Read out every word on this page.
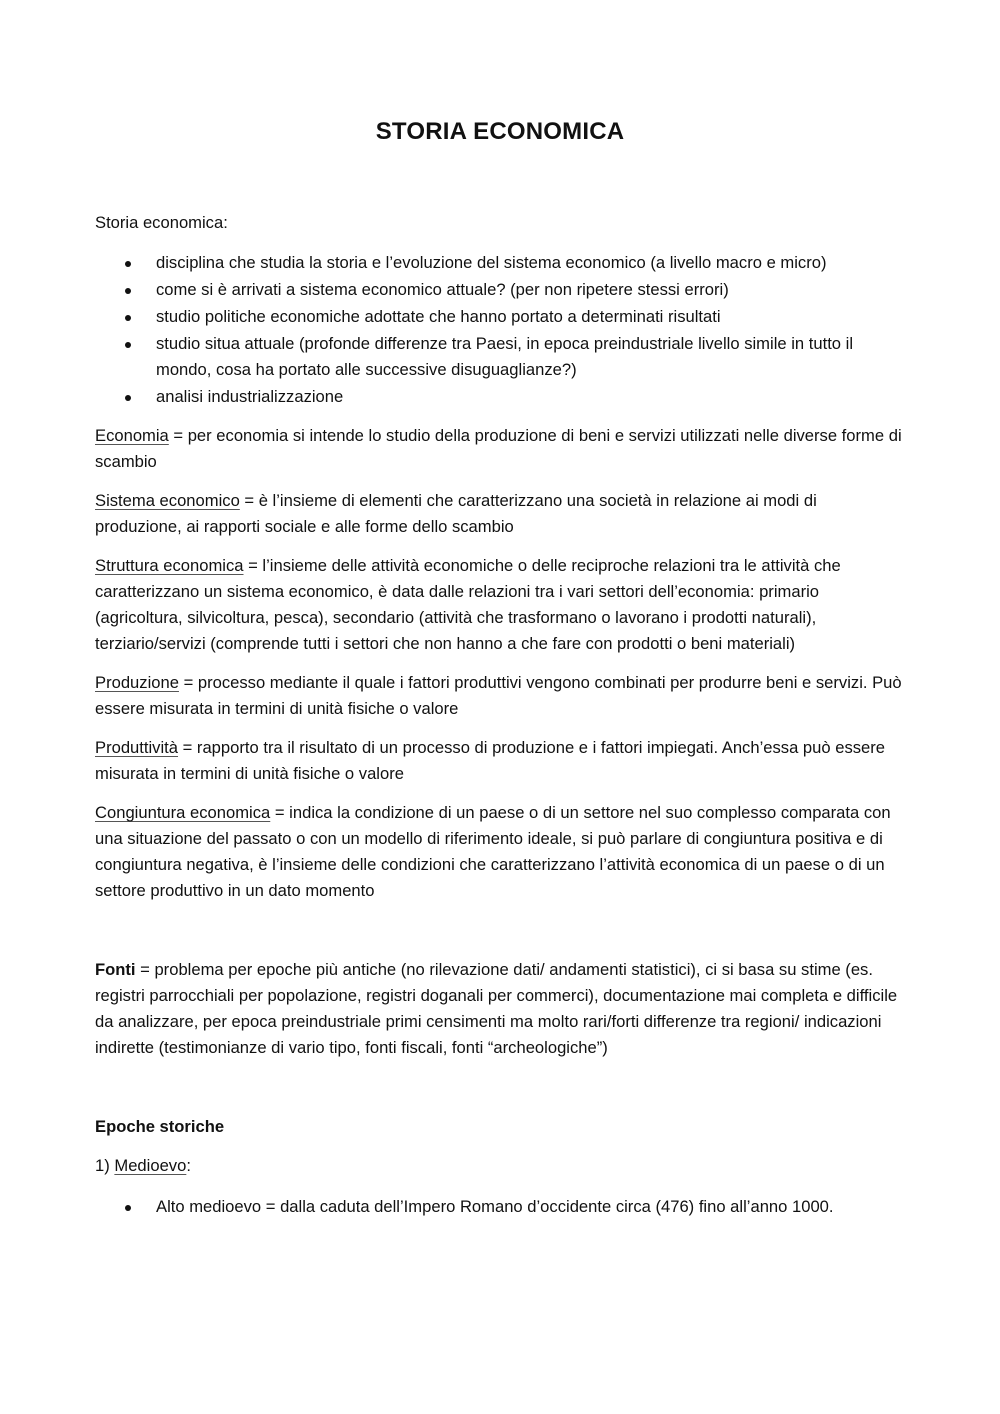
STORIA ECONOMICA

Storia economica:

disciplina che studia la storia e l’evoluzione del sistema economico (a livello macro e micro)
come si è arrivati a sistema economico attuale? (per non ripetere stessi errori)
studio politiche economiche adottate che hanno portato a determinati risultati
studio situa attuale (profonde differenze tra Paesi, in epoca preindustriale livello simile in tutto il mondo, cosa ha portato alle successive disuguaglianze?)
analisi industrializzazione

Economia = per economia si intende lo studio della produzione di beni e servizi utilizzati nelle diverse forme di scambio

Sistema economico = è l’insieme di elementi che caratterizzano una società in relazione ai modi di produzione, ai rapporti sociale e alle forme dello scambio

Struttura economica = l’insieme delle attività economiche o delle reciproche relazioni tra le attività che caratterizzano un sistema economico, è data dalle relazioni tra i vari settori dell’economia: primario (agricoltura, silvicoltura, pesca), secondario (attività che trasformano o lavorano i prodotti naturali), terziario/servizi (comprende tutti i settori che non hanno a che fare con prodotti o beni materiali)

Produzione = processo mediante il quale i fattori produttivi vengono combinati per produrre beni e servizi. Può essere misurata in termini di unità fisiche o valore

Produttività = rapporto tra il risultato di un processo di produzione e i fattori impiegati. Anch’essa può essere misurata in termini di unità fisiche o valore

Congiuntura economica = indica la condizione di un paese o di un settore nel suo complesso comparata con una situazione del passato o con un modello di riferimento ideale, si può parlare di congiuntura positiva e di congiuntura negativa, è l’insieme delle condizioni che caratterizzano l’attività economica di un paese o di un settore produttivo in un dato momento

Fonti = problema per epoche più antiche (no rilevazione dati/ andamenti statistici), ci si basa su stime (es. registri parrocchiali per popolazione, registri doganali per commerci), documentazione mai completa e difficile da analizzare, per epoca preindustriale primi censimenti ma molto rari/forti differenze tra regioni/ indicazioni indirette (testimonianze di vario tipo, fonti fiscali, fonti “archeologiche”)

Epoche storiche

1) Medioevo:

Alto medioevo = dalla caduta dell’Impero Romano d’occidente circa (476) fino all’anno 1000.
